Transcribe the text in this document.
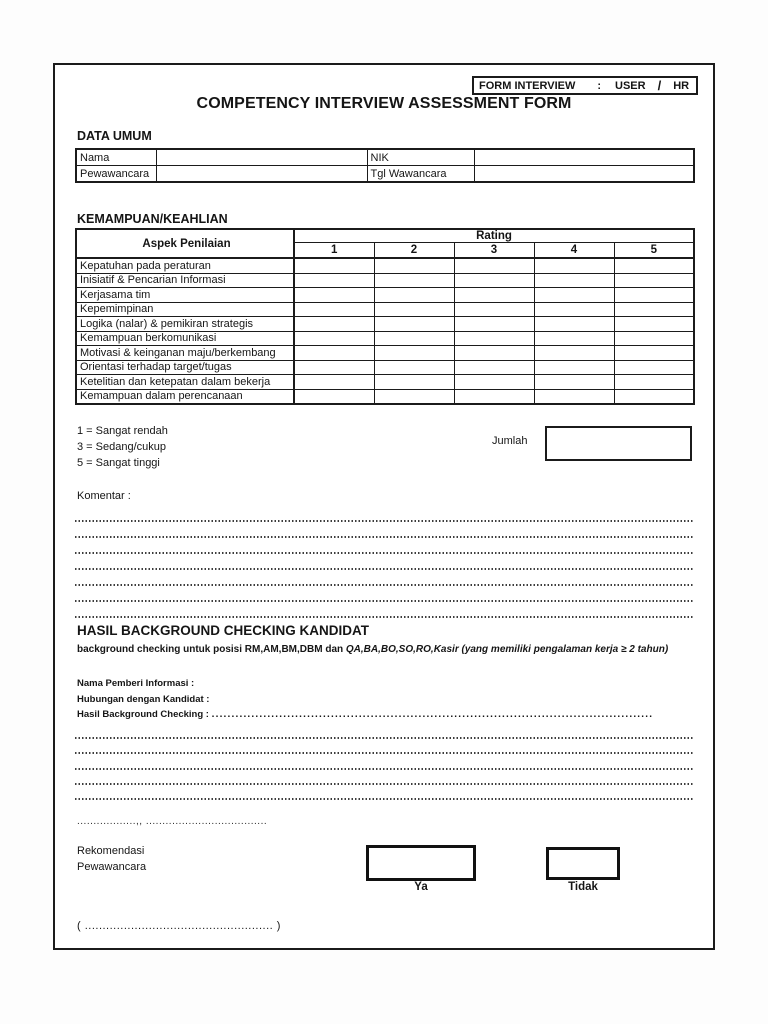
FORM INTERVIEW : USER / HR
COMPETENCY INTERVIEW ASSESSMENT FORM
DATA UMUM
Nama		NIK	
Pewawancara		Tgl Wawancara	
KEMAMPUAN/KEAHLIAN
Aspek Penilaian	Rating				
	1	2	3	4	5
Kepatuhan pada peraturan					
Inisiatif & Pencarian Informasi					
Kerjasama tim					
Kepemimpinan					
Logika (nalar) & pemikiran strategis					
Kemampuan berkomunikasi					
Motivasi & keinganan maju/berkembang					
Orientasi terhadap target/tugas					
Ketelitian dan ketepatan dalam bekerja					
Kemampuan dalam perencanaan					
1 = Sangat rendah
3 = Sedang/cukup
5 = Sangat tinggi
Jumlah
Komentar :
HASIL BACKGROUND CHECKING KANDIDAT
background checking untuk posisi RM,AM,BM,DBM dan QA,BA,BO,SO,RO,Kasir (yang memiliki pengalaman kerja ≥ 2 tahun)
Nama Pemberi Informasi :
Hubungan dengan Kandidat :
Hasil Background Checking : ...............................................................................................................
..................,, .....................................
Rekomendasi
Pewawancara
Ya	Tidak
( ..................................................... )
